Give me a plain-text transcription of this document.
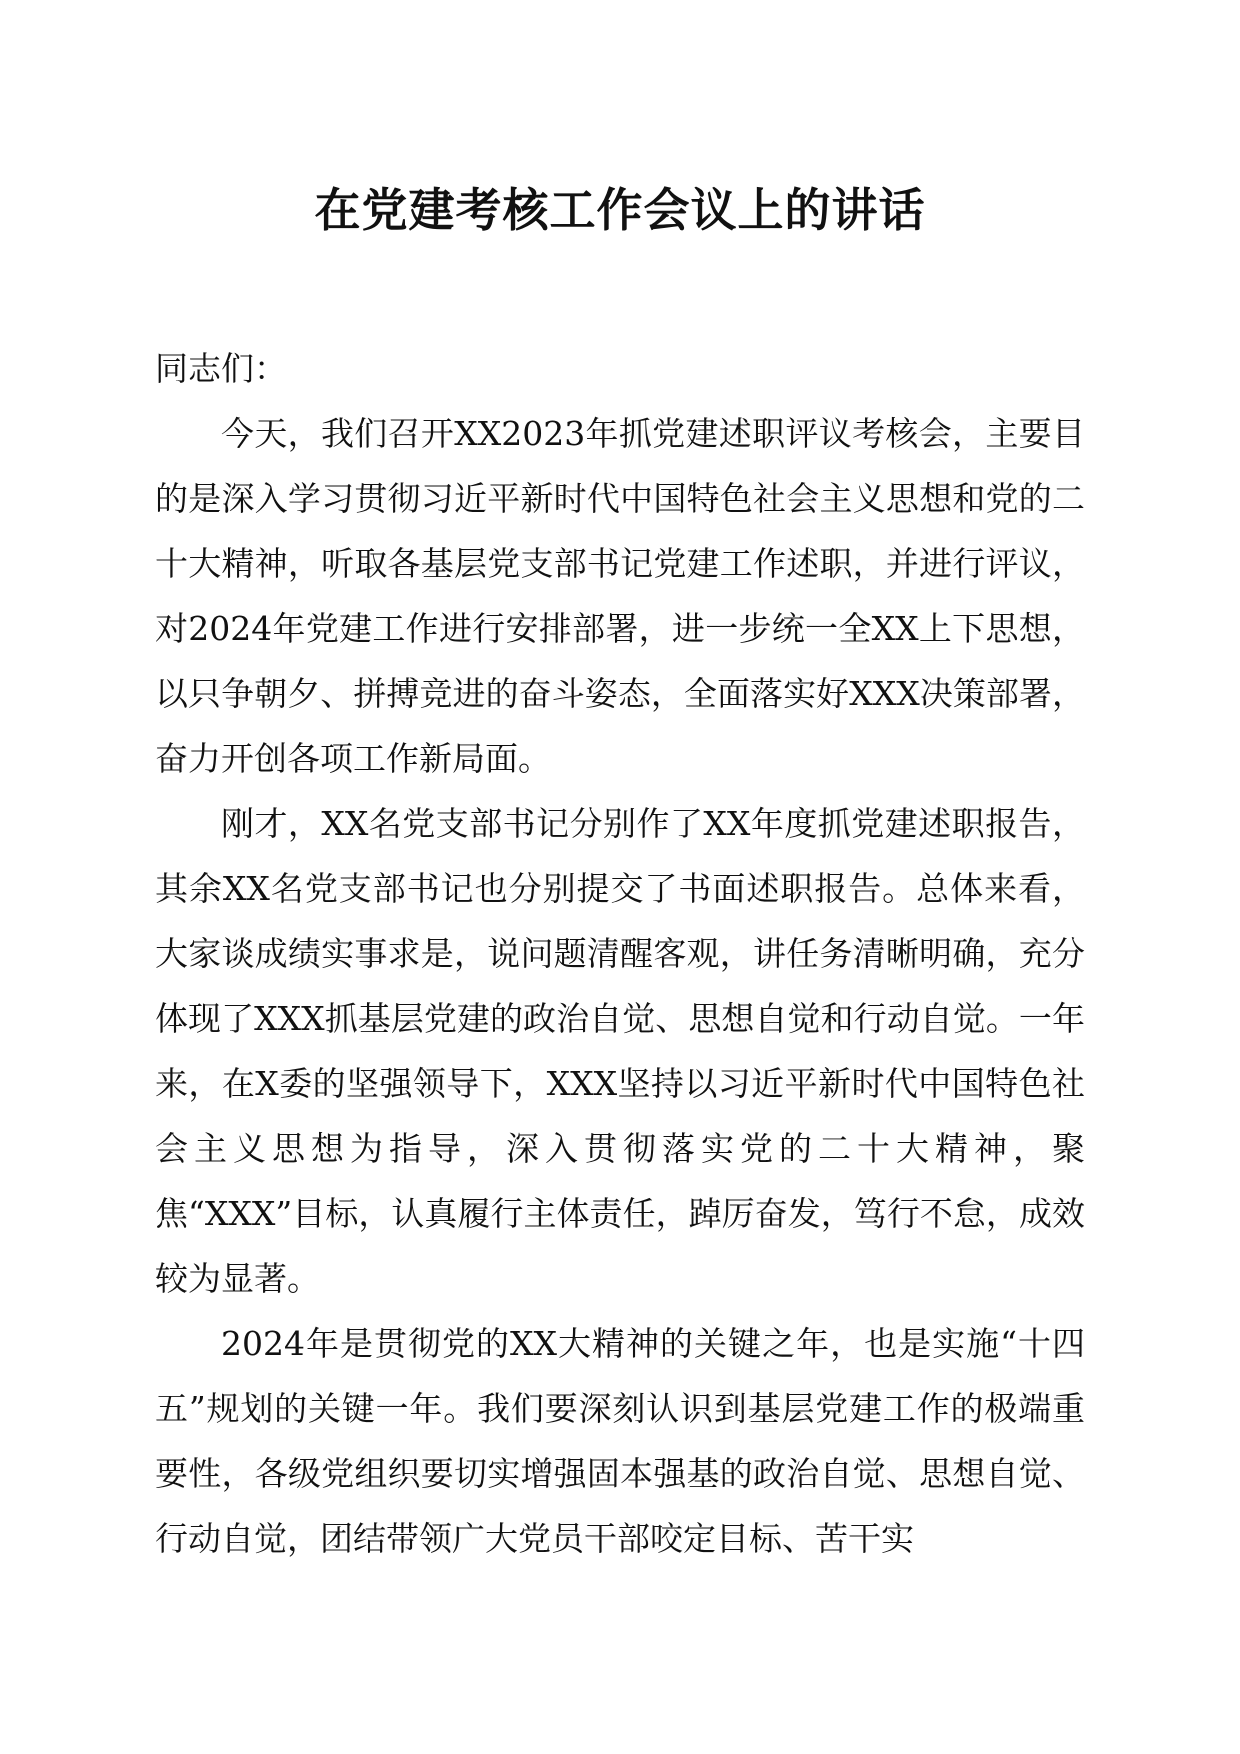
在党建考核工作会议上的讲话

同志们：

今天，我们召开XX2023年抓党建述职评议考核会，主要目的是深入学习贯彻习近平新时代中国特色社会主义思想和党的二十大精神，听取各基层党支部书记党建工作述职，并进行评议，对2024年党建工作进行安排部署，进一步统一全XX上下思想，以只争朝夕、拼搏竞进的奋斗姿态，全面落实好XXX决策部署，奋力开创各项工作新局面。

刚才，XX名党支部书记分别作了XX年度抓党建述职报告，其余XX名党支部书记也分别提交了书面述职报告。总体来看，大家谈成绩实事求是，说问题清醒客观，讲任务清晰明确，充分体现了XXX抓基层党建的政治自觉、思想自觉和行动自觉。一年来，在X委的坚强领导下，XXX坚持以习近平新时代中国特色社会主义思想为指导，深入贯彻落实党的二十大精神，聚焦“XXX”目标，认真履行主体责任，踔厉奋发，笃行不怠，成效较为显著。

2024年是贯彻党的XX大精神的关键之年，也是实施“十四五”规划的关键一年。我们要深刻认识到基层党建工作的极端重要性，各级党组织要切实增强固本强基的政治自觉、思想自觉、行动自觉，团结带领广大党员干部咬定目标、苦干实
